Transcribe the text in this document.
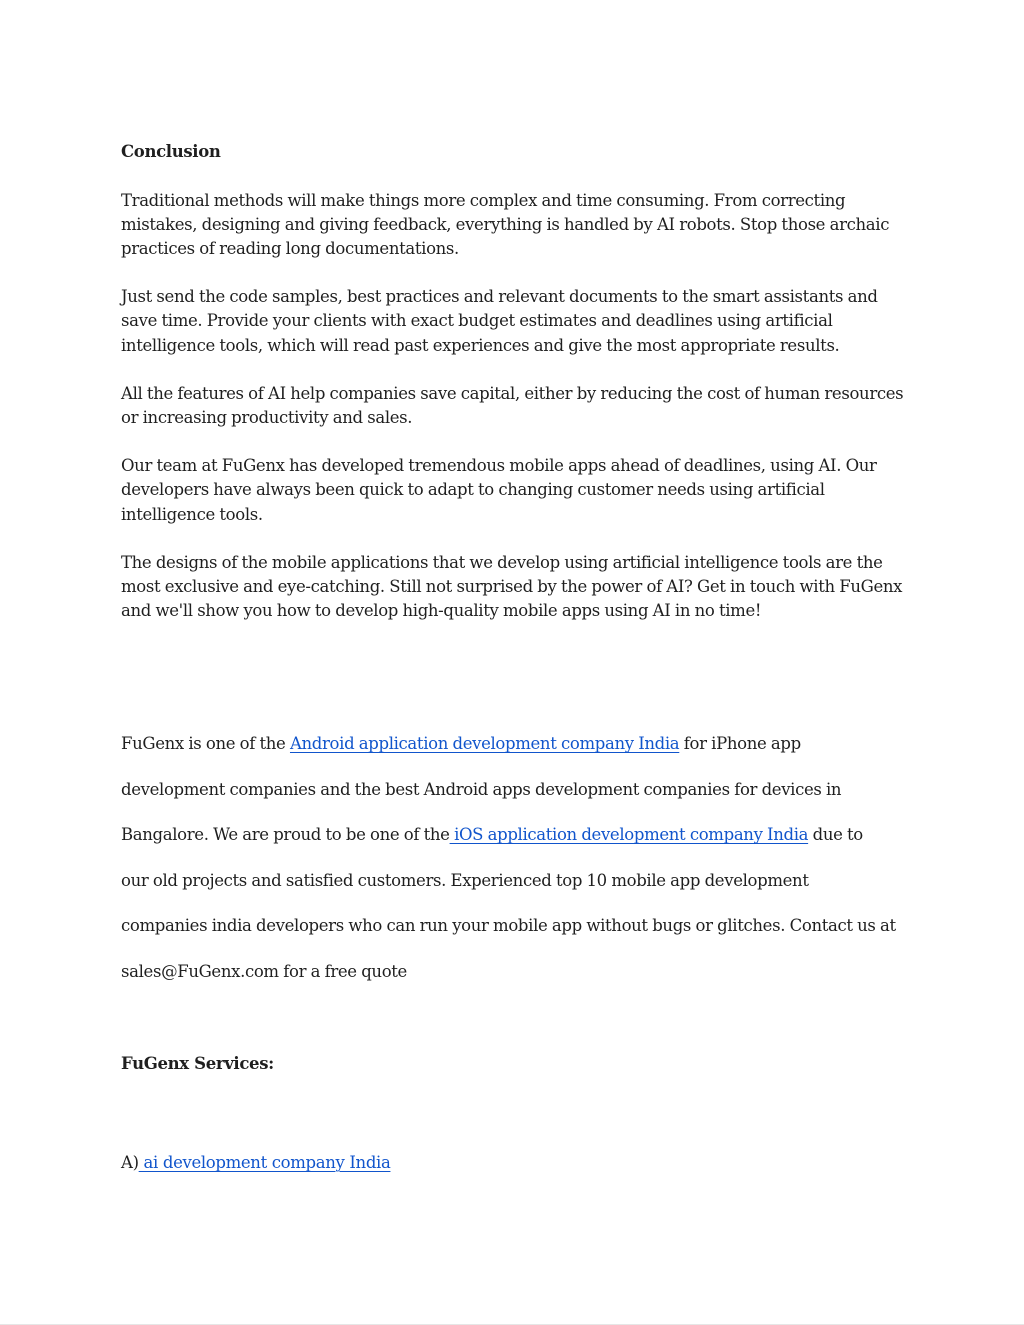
Conclusion

Traditional methods will make things more complex and time consuming. From correcting mistakes, designing and giving feedback, everything is handled by AI robots. Stop those archaic practices of reading long documentations.

Just send the code samples, best practices and relevant documents to the smart assistants and save time. Provide your clients with exact budget estimates and deadlines using artificial intelligence tools, which will read past experiences and give the most appropriate results.

All the features of AI help companies save capital, either by reducing the cost of human resources or increasing productivity and sales.

Our team at FuGenx has developed tremendous mobile apps ahead of deadlines, using AI. Our developers have always been quick to adapt to changing customer needs using artificial intelligence tools.

The designs of the mobile applications that we develop using artificial intelligence tools are the most exclusive and eye-catching. Still not surprised by the power of AI? Get in touch with FuGenx and we'll show you how to develop high-quality mobile apps using AI in no time!

FuGenx is one of the Android application development company India for iPhone app

development companies and the best Android apps development companies for devices in

Bangalore. We are proud to be one of the iOS application development company India due to

our old projects and satisfied customers. Experienced top 10 mobile app development

companies india developers who can run your mobile app without bugs or glitches. Contact us at

sales@FuGenx.com for a free quote

FuGenx Services:

A) ai development company India
